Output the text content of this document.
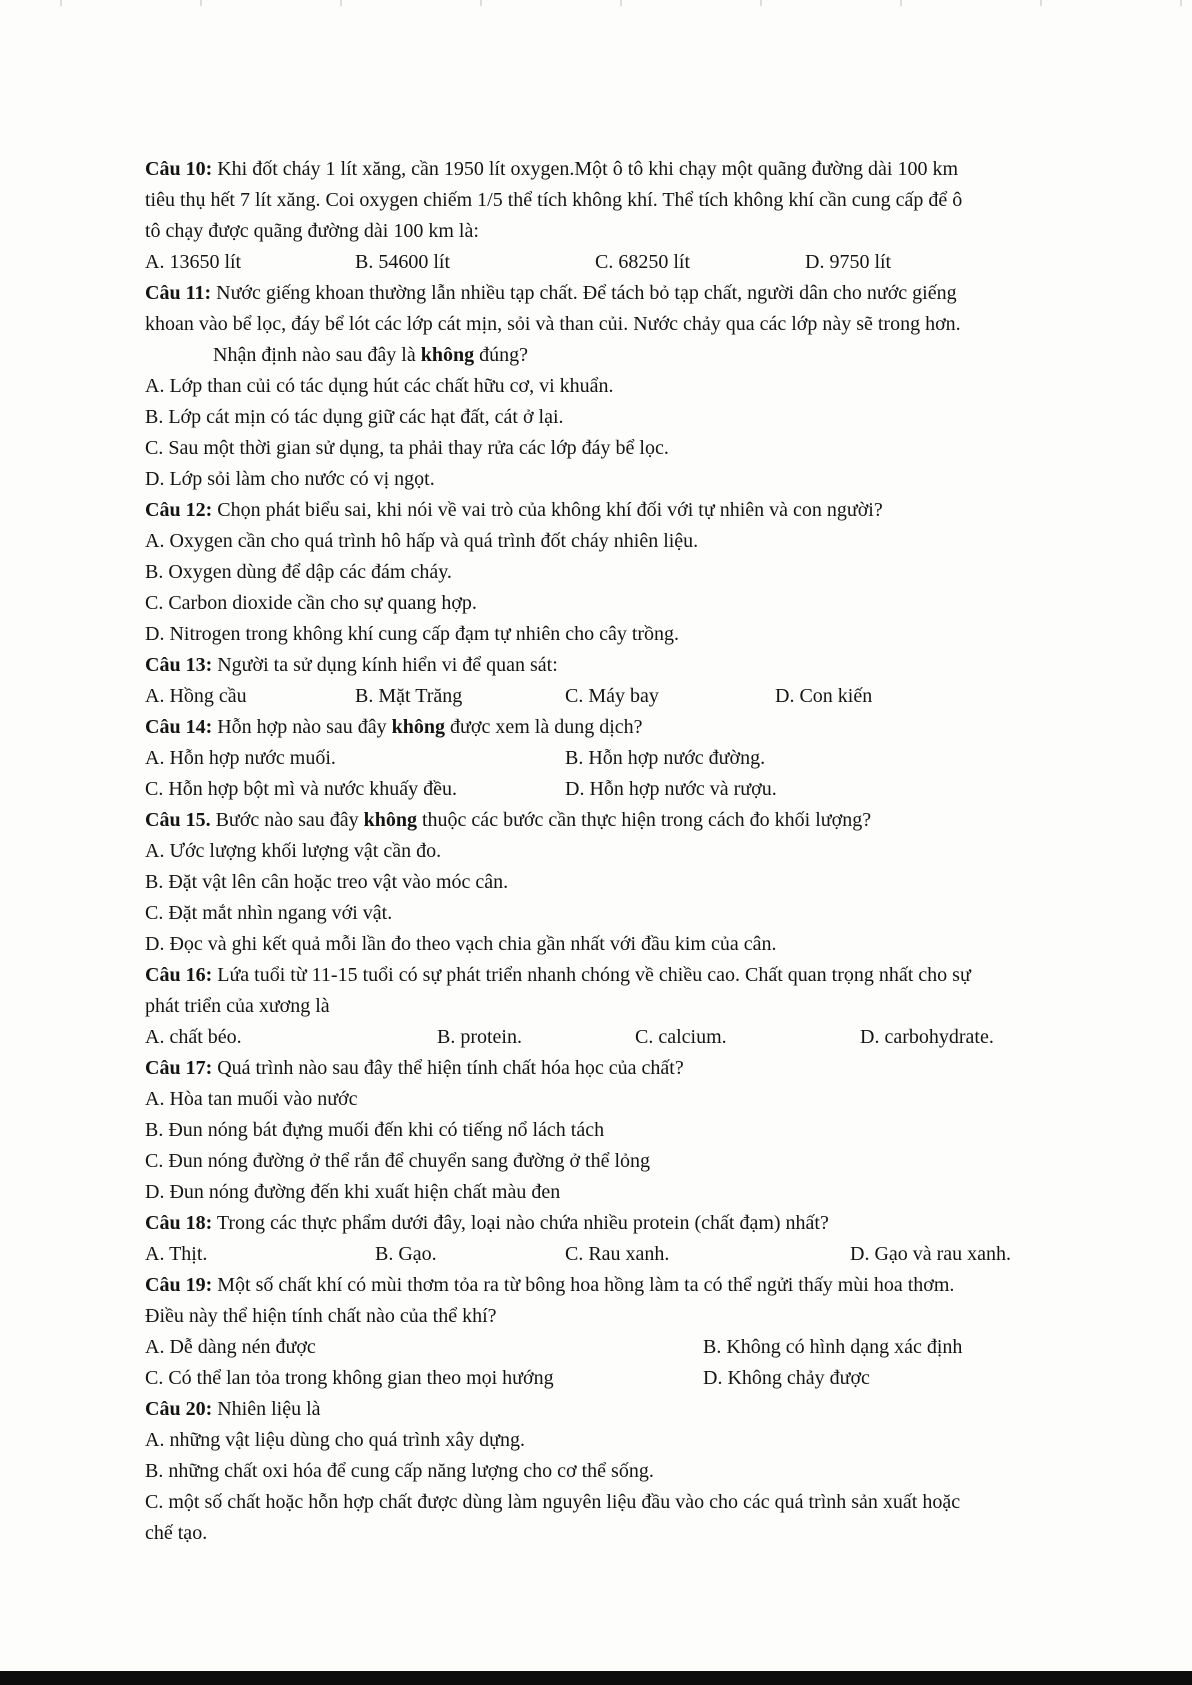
Câu 10: Khi đốt cháy 1 lít xăng, cần 1950 lít oxygen.Một ô tô khi chạy một quãng đường dài 100 km
tiêu thụ hết 7 lít xăng. Coi oxygen chiếm 1/5 thể tích không khí. Thể tích không khí cần cung cấp để ô
tô chạy được quãng đường dài 100 km là:
A. 13650 lít	B. 54600 lít	C. 68250 lít	D. 9750 lít
Câu 11: Nước giếng khoan thường lẫn nhiều tạp chất. Để tách bỏ tạp chất, người dân cho nước giếng
khoan vào bể lọc, đáy bể lót các lớp cát mịn, sỏi và than củi. Nước chảy qua các lớp này sẽ trong hơn.
Nhận định nào sau đây là không đúng?
A. Lớp than củi có tác dụng hút các chất hữu cơ, vi khuẩn.
B. Lớp cát mịn có tác dụng giữ các hạt đất, cát ở lại.
C. Sau một thời gian sử dụng, ta phải thay rửa các lớp đáy bể lọc.
D. Lớp sỏi làm cho nước có vị ngọt.
Câu 12: Chọn phát biểu sai, khi nói về vai trò của không khí đối với tự nhiên và con người?
A. Oxygen cần cho quá trình hô hấp và quá trình đốt cháy nhiên liệu.
B. Oxygen dùng để dập các đám cháy.
C. Carbon dioxide cần cho sự quang hợp.
D. Nitrogen trong không khí cung cấp đạm tự nhiên cho cây trồng.
Câu 13: Người ta sử dụng kính hiển vi để quan sát:
A. Hồng cầu	B. Mặt Trăng	C. Máy bay	D. Con kiến
Câu 14: Hỗn hợp nào sau đây không được xem là dung dịch?
A. Hỗn hợp nước muối.	B. Hỗn hợp nước đường.
C. Hỗn hợp bột mì và nước khuấy đều.	D. Hỗn hợp nước và rượu.
Câu 15. Bước nào sau đây không thuộc các bước cần thực hiện trong cách đo khối lượng?
A. Ước lượng khối lượng vật cần đo.
B. Đặt vật lên cân hoặc treo vật vào móc cân.
C. Đặt mắt nhìn ngang với vật.
D. Đọc và ghi kết quả mỗi lần đo theo vạch chia gần nhất với đầu kim của cân.
Câu 16: Lứa tuổi từ 11-15 tuổi có sự phát triển nhanh chóng về chiều cao. Chất quan trọng nhất cho sự
phát triển của xương là
A. chất béo.	B. protein.	C. calcium.	D. carbohydrate.
Câu 17: Quá trình nào sau đây thể hiện tính chất hóa học của chất?
A. Hòa tan muối vào nước
B. Đun nóng bát đựng muối đến khi có tiếng nổ lách tách
C. Đun nóng đường ở thể rắn để chuyển sang đường ở thể lỏng
D. Đun nóng đường đến khi xuất hiện chất màu đen
Câu 18: Trong các thực phẩm dưới đây, loại nào chứa nhiều protein (chất đạm) nhất?
A. Thịt.	B. Gạo.	C. Rau xanh.	D. Gạo và rau xanh.
Câu 19: Một số chất khí có mùi thơm tỏa ra từ bông hoa hồng làm ta có thể ngửi thấy mùi hoa thơm.
Điều này thể hiện tính chất nào của thể khí?
A. Dễ dàng nén được	B. Không có hình dạng xác định
C. Có thể lan tỏa trong không gian theo mọi hướng	D. Không chảy được
Câu 20: Nhiên liệu là
A. những vật liệu dùng cho quá trình xây dựng.
B. những chất oxi hóa để cung cấp năng lượng cho cơ thể sống.
C. một số chất hoặc hỗn hợp chất được dùng làm nguyên liệu đầu vào cho các quá trình sản xuất hoặc
chế tạo.
